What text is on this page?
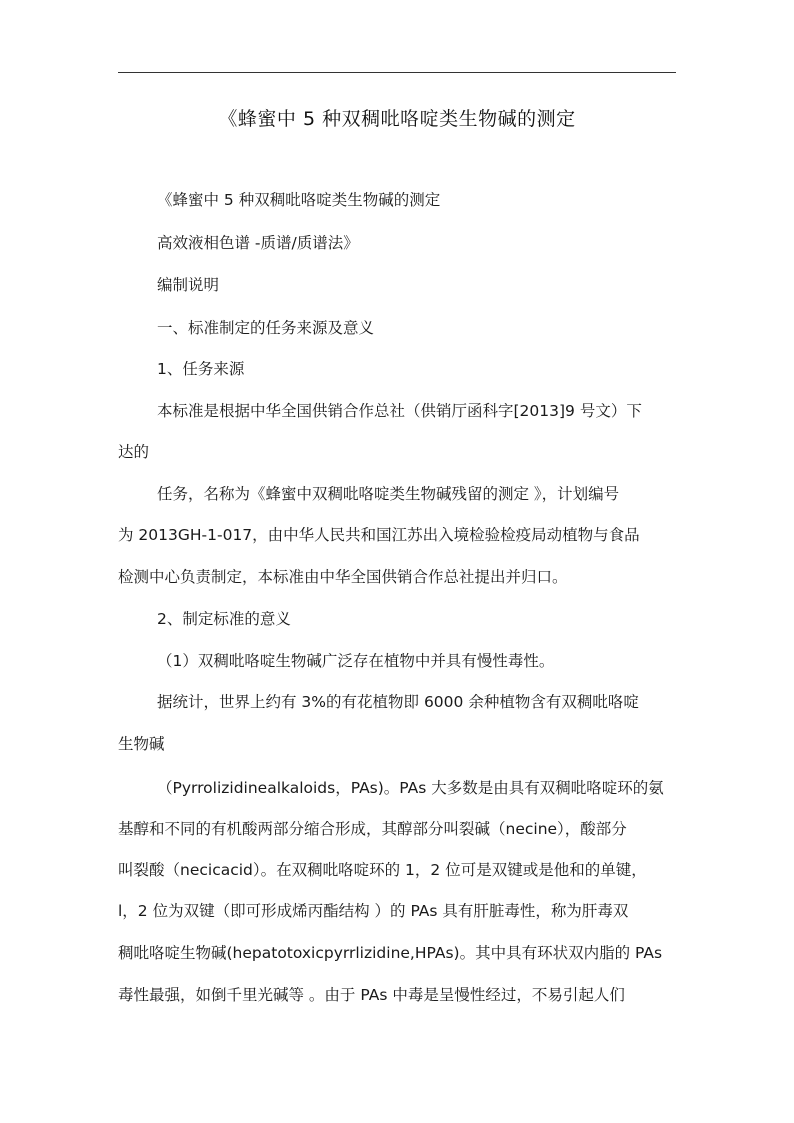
《蜂蜜中 5 种双稠吡咯啶类生物碱的测定
《蜂蜜中 5 种双稠吡咯啶类生物碱的测定
高效液相色谱 -质谱/质谱法》
编制说明
一、标准制定的任务来源及意义
1、任务来源
本标准是根据中华全国供销合作总社（供销厅函科字[2013]9 号文）下
达的
任务，名称为《蜂蜜中双稠吡咯啶类生物碱残留的测定 》，计划编号
为 2013GH-1-017，由中华人民共和国江苏出入境检验检疫局动植物与食品
检测中心负责制定，本标准由中华全国供销合作总社提出并归口。
2、制定标准的意义
（1）双稠吡咯啶生物碱广泛存在植物中并具有慢性毒性。
据统计，世界上约有 3%的有花植物即 6000 余种植物含有双稠吡咯啶
生物碱
（Pyrrolizidinealkaloids，PAs)。PAs 大多数是由具有双稠吡咯啶环的氨
基醇和不同的有机酸两部分缩合形成，其醇部分叫裂碱（necine），酸部分
叫裂酸（necicacid）。在双稠吡咯啶环的 1，2 位可是双键或是他和的单键，
l，2 位为双键（即可形成烯丙酯结构 ）的 PAs 具有肝脏毒性，称为肝毒双
稠吡咯啶生物碱(hepatotoxicpyrrlizidine,HPAs)。其中具有环状双内脂的 PAs
毒性最强，如倒千里光碱等 。由于 PAs 中毒是呈慢性经过，不易引起人们
